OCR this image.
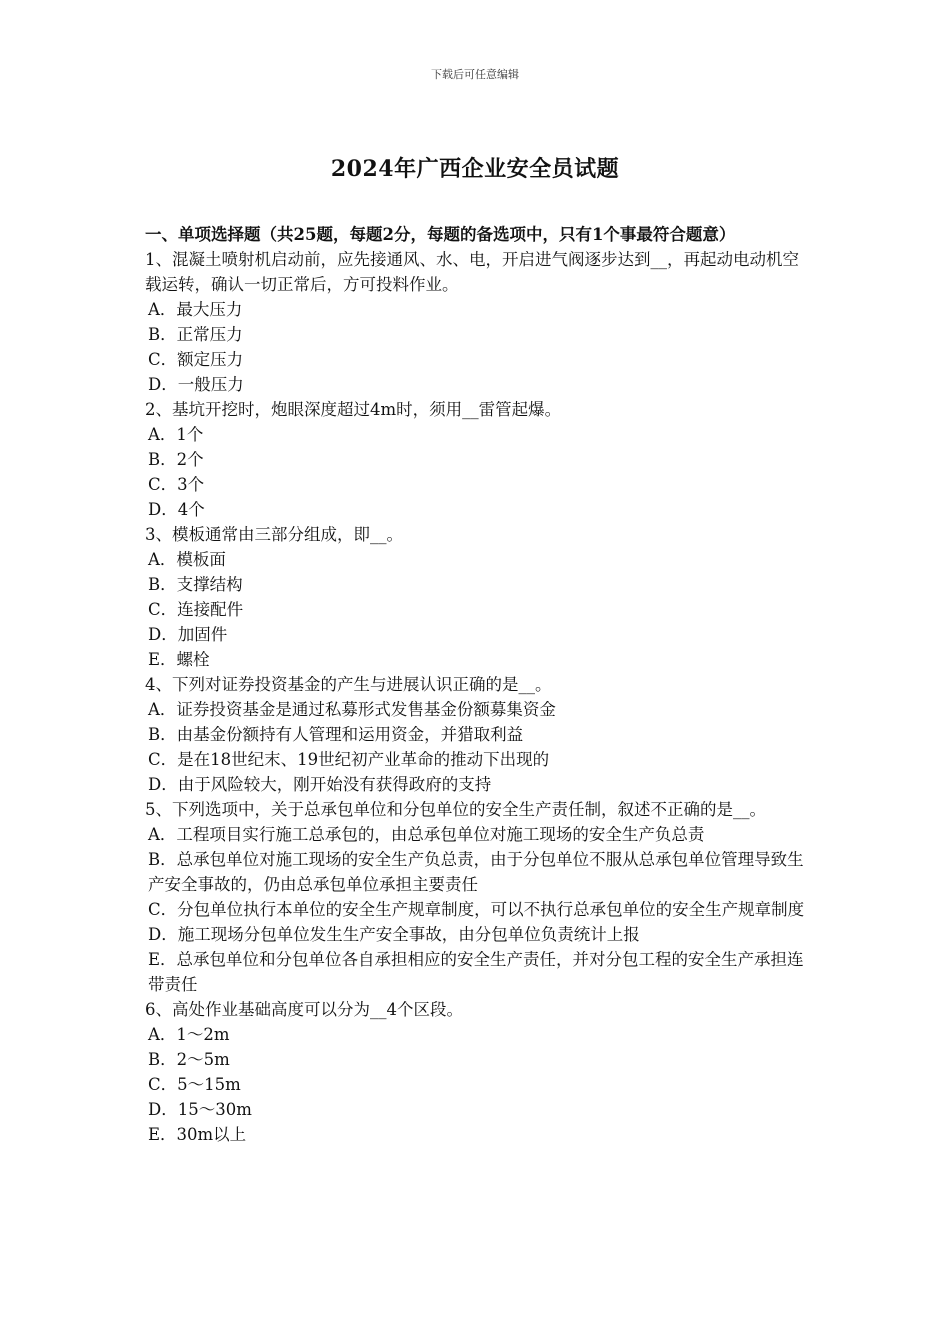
下载后可任意编辑
2024年广西企业安全员试题

一、单项选择题（共25题，每题2分，每题的备选项中，只有1个事最符合题意）

1、混凝土喷射机启动前，应先接通风、水、电，开启进气阀逐步达到__，再起动电动机空载运转，确认一切正常后，方可投料作业。

A．最大压力

B．正常压力

C．额定压力

D．一般压力

2、基坑开挖时，炮眼深度超过4m时，须用__雷管起爆。

A．1个

B．2个

C．3个

D．4个

3、模板通常由三部分组成，即__。

A．模板面

B．支撑结构

C．连接配件

D．加固件

E．螺栓

4、下列对证券投资基金的产生与进展认识正确的是__。

A．证券投资基金是通过私募形式发售基金份额募集资金

B．由基金份额持有人管理和运用资金，并猎取利益

C．是在18世纪末、19世纪初产业革命的推动下出现的

D．由于风险较大，刚开始没有获得政府的支持

5、下列选项中，关于总承包单位和分包单位的安全生产责任制，叙述不正确的是__。

A．工程项目实行施工总承包的，由总承包单位对施工现场的安全生产负总责

B．总承包单位对施工现场的安全生产负总责，由于分包单位不服从总承包单位管理导致生产安全事故的，仍由总承包单位承担主要责任

C．分包单位执行本单位的安全生产规章制度，可以不执行总承包单位的安全生产规章制度

D．施工现场分包单位发生生产安全事故，由分包单位负责统计上报

E．总承包单位和分包单位各自承担相应的安全生产责任，并对分包工程的安全生产承担连带责任

6、高处作业基础高度可以分为__4个区段。

A．1～2m

B．2～5m

C．5～15m

D．15～30m

E．30m以上
